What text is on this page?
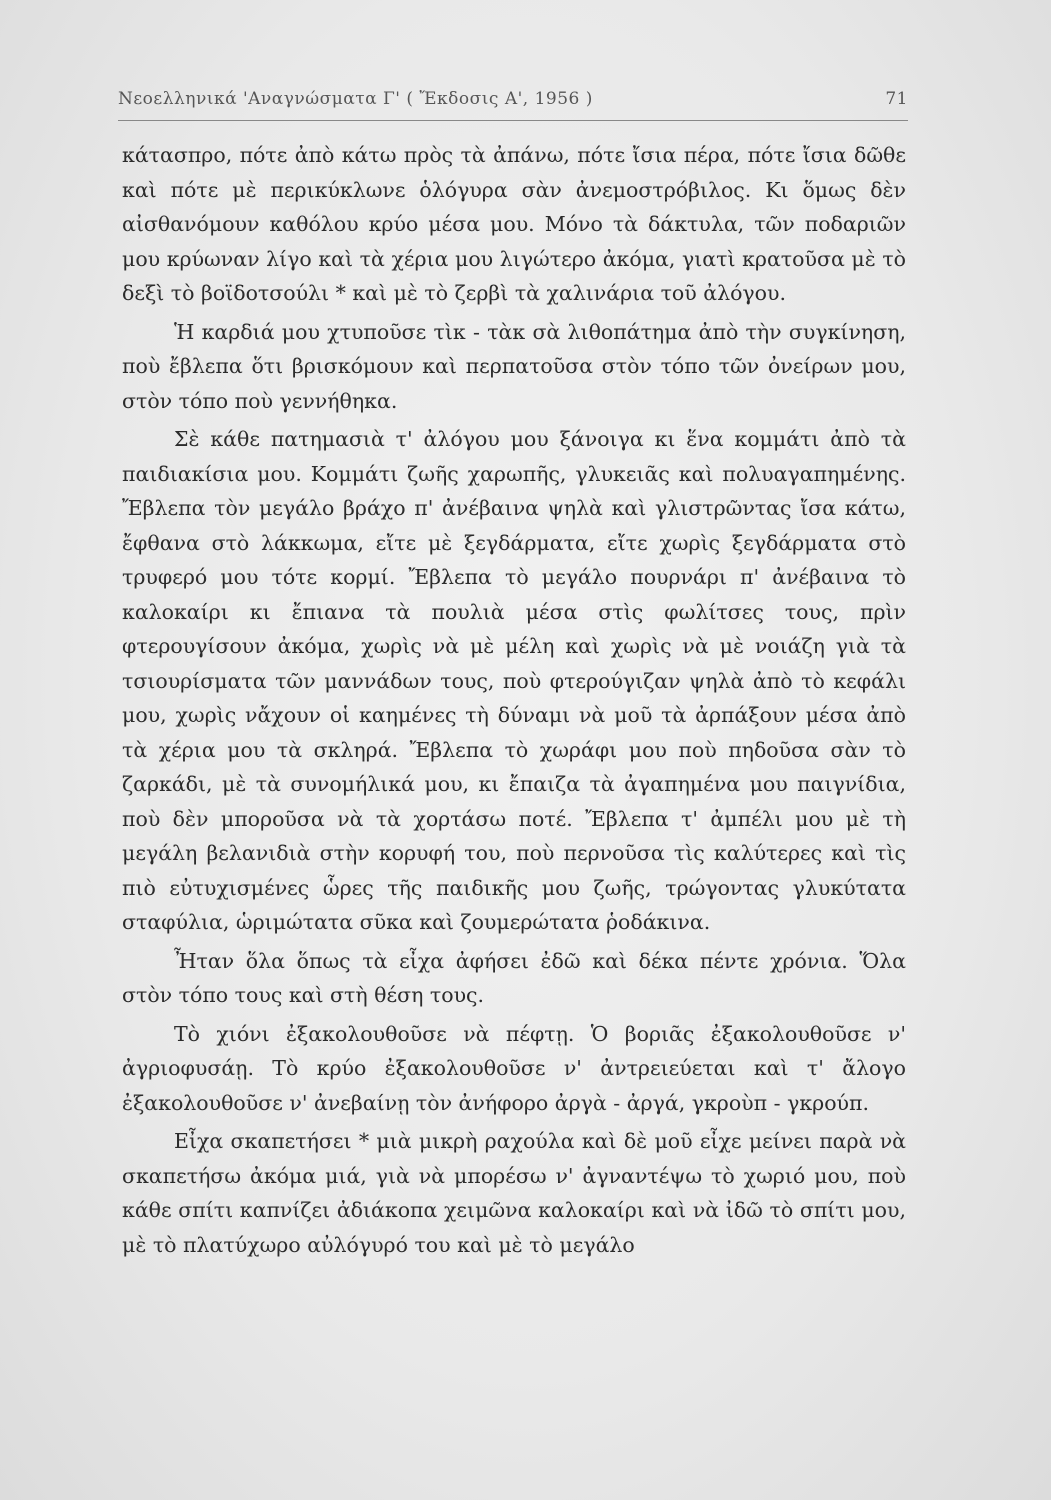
Νεοελληνικά 'Αναγνώσματα Γ' ( Ἔκδοσις Α', 1956 )	71

κάτασπρο, πότε ἀπὸ κάτω πρὸς τὰ ἀπάνω, πότε ἴσια πέρα, πότε ἴσια δῶθε καὶ πότε μὲ περικύκλωνε ὁλόγυρα σὰν ἀνεμοστρόβιλος. Κι ὅμως δὲν αἰσθανόμουν καθόλου κρύο μέσα μου. Μόνο τὰ δάκτυλα, τῶν ποδαριῶν μου κρύωναν λίγο καὶ τὰ χέρια μου λιγώτερο ἀκόμα, γιατὶ κρατοῦσα μὲ τὸ δεξὶ τὸ βοϊδοτσούλι * καὶ μὲ τὸ ζερβὶ τὰ χαλινάρια τοῦ ἀλόγου.

Ἡ καρδιά μου χτυποῦσε τὶκ - τὰκ σὰ λιθοπάτημα ἀπὸ τὴν συγκίνηση, ποὺ ἔβλεπα ὅτι βρισκόμουν καὶ περπατοῦσα στὸν τόπο τῶν ὀνείρων μου, στὸν τόπο ποὺ γεννήθηκα.

Σὲ κάθε πατημασιὰ τ' ἀλόγου μου ξάνοιγα κι ἕνα κομμάτι ἀπὸ τὰ παιδιακίσια μου. Κομμάτι ζωῆς χαρωπῆς, γλυκειᾶς καὶ πολυαγαπημένης. Ἔβλεπα τὸν μεγάλο βράχο π' ἀνέβαινα ψηλὰ καὶ γλιστρῶντας ἴσα κάτω, ἔφθανα στὸ λάκκωμα, εἴτε μὲ ξεγδάρματα, εἴτε χωρὶς ξεγδάρματα στὸ τρυφερό μου τότε κορμί. Ἔβλεπα τὸ μεγάλο πουρνάρι π' ἀνέβαινα τὸ καλοκαίρι κι ἔπιανα τὰ πουλιὰ μέσα στὶς φωλίτσες τους, πρὶν φτερουγίσουν ἀκόμα, χωρὶς νὰ μὲ μέλη καὶ χωρὶς νὰ μὲ νοιάζη γιὰ τὰ τσιουρίσματα τῶν μαννάδων τους, ποὺ φτερούγιζαν ψηλὰ ἀπὸ τὸ κεφάλι μου, χωρὶς νἄχουν οἱ καημένες τὴ δύναμι νὰ μοῦ τὰ ἀρπάξουν μέσα ἀπὸ τὰ χέρια μου τὰ σκληρά. Ἔβλεπα τὸ χωράφι μου ποὺ πηδοῦσα σὰν τὸ ζαρκάδι, μὲ τὰ συνομήλικά μου, κι ἔπαιζα τὰ ἀγαπημένα μου παιγνίδια, ποὺ δὲν μποροῦσα νὰ τὰ χορτάσω ποτέ. Ἔβλεπα τ' ἀμπέλι μου μὲ τὴ μεγάλη βελανιδιὰ στὴν κορυφή του, ποὺ περνοῦσα τὶς καλύτερες καὶ τὶς πιὸ εὐτυχισμένες ὧρες τῆς παιδικῆς μου ζωῆς, τρώγοντας γλυκύτατα σταφύλια, ὡριμώτατα σῦκα καὶ ζουμερώτατα ῥοδάκινα.

Ἦταν ὅλα ὅπως τὰ εἶχα ἀφήσει ἐδῶ καὶ δέκα πέντε χρόνια. Ὅλα στὸν τόπο τους καὶ στὴ θέση τους.

Τὸ χιόνι ἐξακολουθοῦσε νὰ πέφτῃ. Ὁ βοριᾶς ἐξακολουθοῦσε ν' ἀγριοφυσάῃ. Τὸ κρύο ἐξακολουθοῦσε ν' ἀντρειεύεται καὶ τ' ἄλογο ἐξακολουθοῦσε ν' ἀνεβαίνῃ τὸν ἀνήφορο ἀργὰ - ἀργά, γκροὺπ - γκρούπ.

Εἶχα σκαπετήσει * μιὰ μικρὴ ραχούλα καὶ δὲ μοῦ εἶχε μείνει παρὰ νὰ σκαπετήσω ἀκόμα μιά, γιὰ νὰ μπορέσω ν' ἀγναντέψω τὸ χωριό μου, ποὺ κάθε σπίτι καπνίζει ἀδιάκοπα χειμῶνα καλοκαίρι καὶ νὰ ἰδῶ τὸ σπίτι μου, μὲ τὸ πλατύχωρο αὐλόγυρό του καὶ μὲ τὸ μεγάλο
